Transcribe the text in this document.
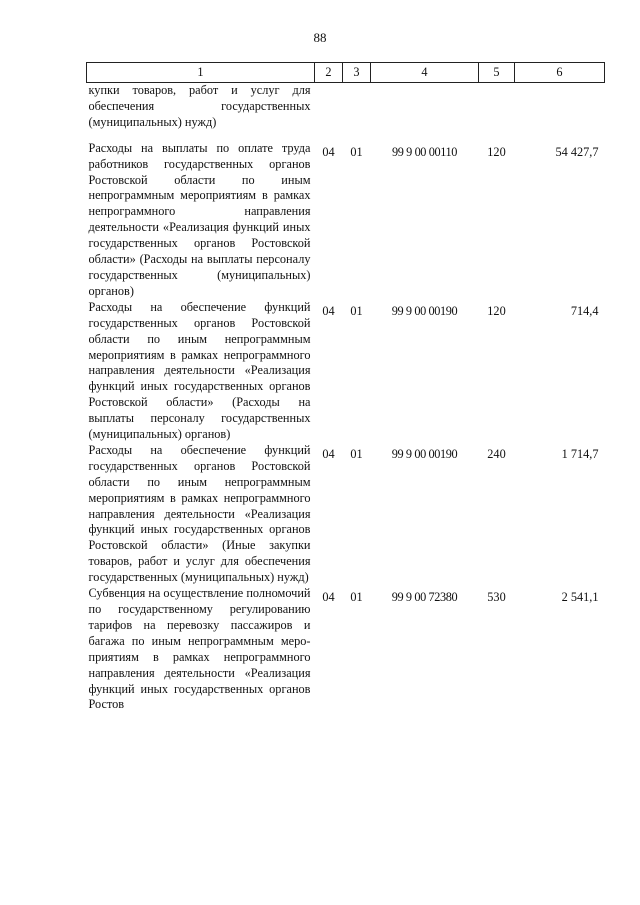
88
1	2	3	4	5	6
купки товаров, работ и услуг для обеспечения государственных (муниципальных) нужд)					
Расходы на выплаты по оплате труда работников государственных органов Ростовской области по иным непрограммным мероприятиям в рамках непрограммного направления деятельности «Реализация функций иных государственных органов Ростовской области» (Расходы на выплаты персоналу государственных (муниципальных) органов)	04	01	99 9 00 00110	120	54 427,7
Расходы на обеспечение функций государственных органов Ростовской области по иным непрограммным мероприятиям в рамках непрограммного направления деятельности «Реализация функций иных государственных органов Ростовской области» (Расходы на выплаты персоналу государственных (муниципальных) органов)	04	01	99 9 00 00190	120	714,4
Расходы на обеспечение функций государственных органов Ростовской области по иным непрограммным мероприятиям в рамках непрограммного направления деятельности «Реализация функций иных государственных органов Ростовской области» (Иные закупки товаров, работ и услуг для обеспечения государственных (муниципальных) нужд)	04	01	99 9 00 00190	240	1 714,7
Субвенция на осуществление полномочий по государственному регулированию тарифов на перевозку пассажиров и багажа по иным непрограммным мероприятиям в рамках непрограммного направления деятельности «Реализация функций иных государственных органов Ростов	04	01	99 9 00 72380	530	2 541,1
